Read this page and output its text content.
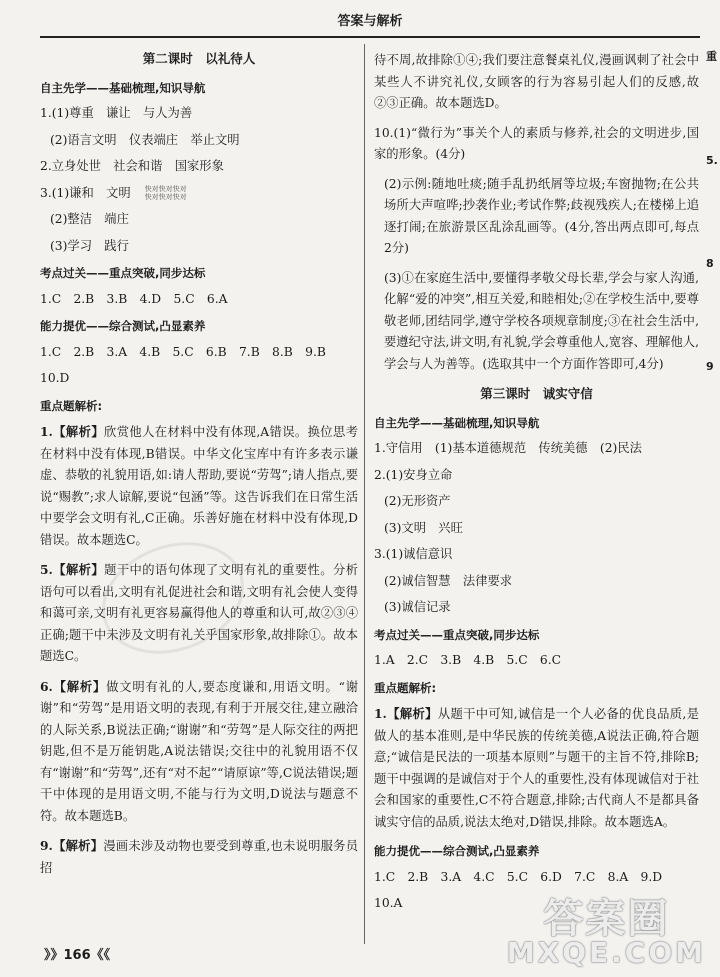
答案与解析
第二课时　以礼待人
自主先学——基础梳理,知识导航
1.(1)尊重　谦让　与人为善
(2)语言文明　仪表端庄　举止文明
2.立身处世　社会和谐　国家形象
3.(1)谦和　文明 快对快对快对
快对快对快对
(2)整洁　端庄
(3)学习　践行
考点过关——重点突破,同步达标
1.C　2.B　3.B　4.D　5.C　6.A
能力提优——综合测试,凸显素养
1.C　2.B　3.A　4.B　5.C　6.B　7.B　8.B　9.B
10.D
重点题解析:
1.【解析】欣赏他人在材料中没有体现,A错误。换位思考在材料中没有体现,B错误。中华文化宝库中有许多表示谦虚、恭敬的礼貌用语,如:请人帮助,要说“劳驾”;请人指点,要说“赐教”;求人谅解,要说“包涵”等。这告诉我们在日常生活中要学会文明有礼,C正确。乐善好施在材料中没有体现,D错误。故本题选C。
5.【解析】题干中的语句体现了文明有礼的重要性。分析语句可以看出,文明有礼促进社会和谐,文明有礼会使人变得和蔼可亲,文明有礼更容易赢得他人的尊重和认可,故②③④正确;题干中未涉及文明有礼关乎国家形象,故排除①。故本题选C。
6.【解析】做文明有礼的人,要态度谦和,用语文明。“谢谢”和“劳驾”是用语文明的表现,有利于开展交往,建立融洽的人际关系,B说法正确;“谢谢”和“劳驾”是人际交往的两把钥匙,但不是万能钥匙,A说法错误;交往中的礼貌用语不仅有“谢谢”和“劳驾”,还有“对不起”“请原谅”等,C说法错误;题干中体现的是用语文明,不能与行为文明,D说法与题意不符。故本题选B。
9.【解析】漫画未涉及动物也要受到尊重,也未说明服务员招
待不周,故排除①④;我们要注意餐桌礼仪,漫画讽刺了社会中某些人不讲究礼仪,女顾客的行为容易引起人们的反感,故②③正确。故本题选D。
10.(1)“微行为”事关个人的素质与修养,社会的文明进步,国家的形象。(4分)
(2)示例:随地吐痰;随手乱扔纸屑等垃圾;车窗抛物;在公共场所大声喧哗;抄袭作业;考试作弊;歧视残疾人;在楼梯上追逐打闹;在旅游景区乱涂乱画等。(4分,答出两点即可,每点2分)
(3)①在家庭生活中,要懂得孝敬父母长辈,学会与家人沟通,化解“爱的冲突”,相互关爱,和睦相处;②在学校生活中,要尊敬老师,团结同学,遵守学校各项规章制度;③在社会生活中,要遵纪守法,讲文明,有礼貌,学会尊重他人,宽容、理解他人,学会与人为善等。(选取其中一个方面作答即可,4分)
第三课时　诚实守信
自主先学——基础梳理,知识导航
1.守信用　(1)基本道德规范　传统美德　(2)民法
2.(1)安身立命
(2)无形资产
(3)文明　兴旺
3.(1)诚信意识
(2)诚信智慧　法律要求
(3)诚信记录
考点过关——重点突破,同步达标
1.A　2.C　3.B　4.B　5.C　6.C
重点题解析:
1.【解析】从题干中可知,诚信是一个人必备的优良品质,是做人的基本准则,是中华民族的传统美德,A说法正确,符合题意;“诚信是民法的一项基本原则”与题干的主旨不符,排除B;题干中强调的是诚信对于个人的重要性,没有体现诚信对于社会和国家的重要性,C不符合题意,排除;古代商人不是都具备诚实守信的品质,说法太绝对,D错误,排除。故本题选A。
能力提优——综合测试,凸显素养
1.C　2.B　3.A　4.C　5.C　6.D　7.C　8.A　9.D
10.A
重
5.
8
9
》》166《《
答案圈
MXQE.COM
